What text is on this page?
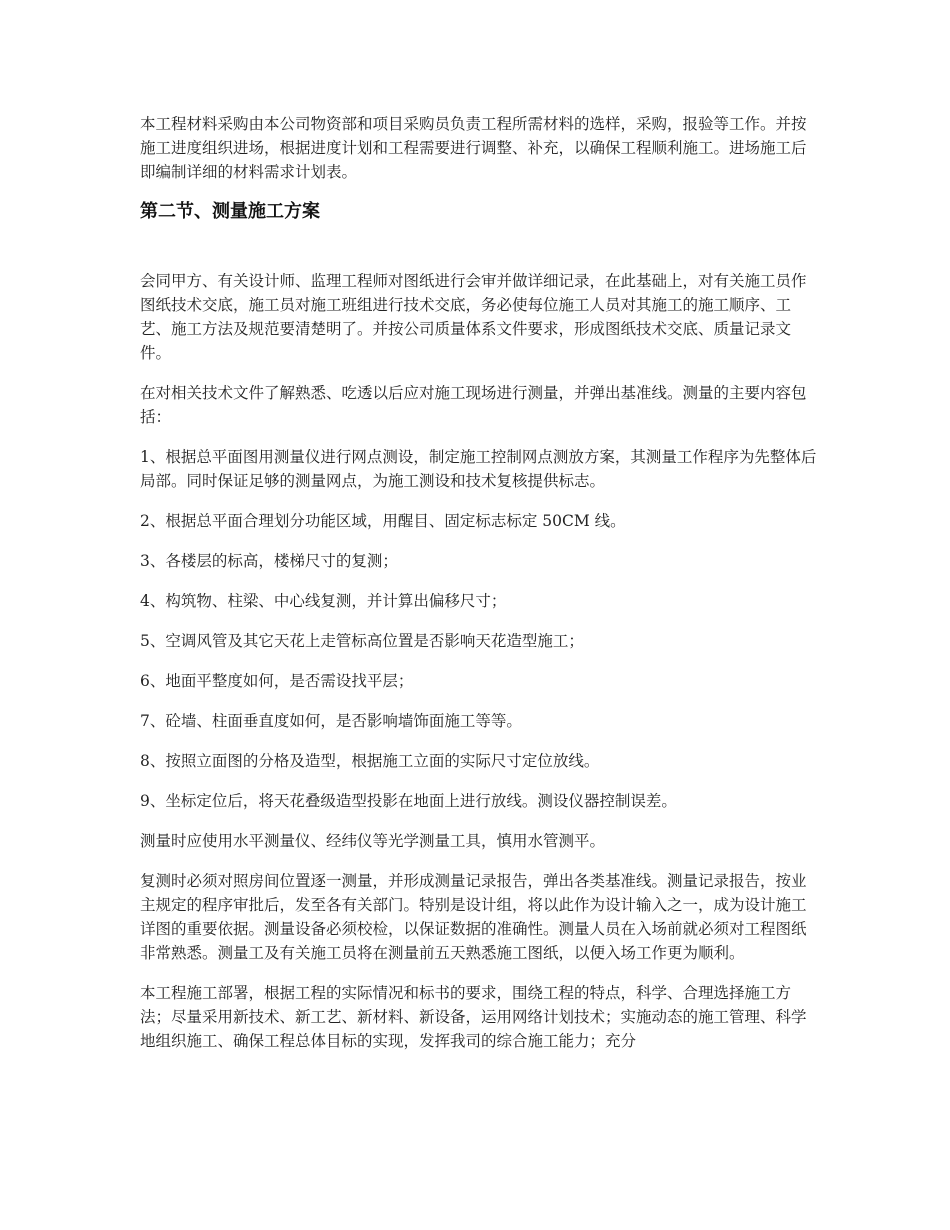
本工程材料采购由本公司物资部和项目采购员负责工程所需材料的选样，采购，报验等工作。并按施工进度组织进场，根据进度计划和工程需要进行调整、补充，以确保工程顺利施工。进场施工后即编制详细的材料需求计划表。

第二节、测量施工方案

会同甲方、有关设计师、监理工程师对图纸进行会审并做详细记录，在此基础上，对有关施工员作图纸技术交底，施工员对施工班组进行技术交底，务必使每位施工人员对其施工的施工顺序、工艺、施工方法及规范要清楚明了。并按公司质量体系文件要求，形成图纸技术交底、质量记录文件。

在对相关技术文件了解熟悉、吃透以后应对施工现场进行测量，并弹出基准线。测量的主要内容包括：

1、根据总平面图用测量仪进行网点测设，制定施工控制网点测放方案，其测量工作程序为先整体后局部。同时保证足够的测量网点，为施工测设和技术复核提供标志。

2、根据总平面合理划分功能区域，用醒目、固定标志标定 50CM 线。

3、各楼层的标高，楼梯尺寸的复测；

4、构筑物、柱梁、中心线复测，并计算出偏移尺寸；

5、空调风管及其它天花上走管标高位置是否影响天花造型施工；

6、地面平整度如何，是否需设找平层；

7、砼墙、柱面垂直度如何，是否影响墙饰面施工等等。

8、按照立面图的分格及造型，根据施工立面的实际尺寸定位放线。

9、坐标定位后，将天花叠级造型投影在地面上进行放线。测设仪器控制误差。

测量时应使用水平测量仪、经纬仪等光学测量工具，慎用水管测平。

复测时必须对照房间位置逐一测量，并形成测量记录报告，弹出各类基准线。测量记录报告，按业主规定的程序审批后，发至各有关部门。特别是设计组，将以此作为设计输入之一，成为设计施工详图的重要依据。测量设备必须校检，以保证数据的准确性。测量人员在入场前就必须对工程图纸非常熟悉。测量工及有关施工员将在测量前五天熟悉施工图纸，以便入场工作更为顺利。

本工程施工部署，根据工程的实际情况和标书的要求，围绕工程的特点，科学、合理选择施工方法；尽量采用新技术、新工艺、新材料、新设备，运用网络计划技术；实施动态的施工管理、科学地组织施工、确保工程总体目标的实现，发挥我司的综合施工能力；充分
